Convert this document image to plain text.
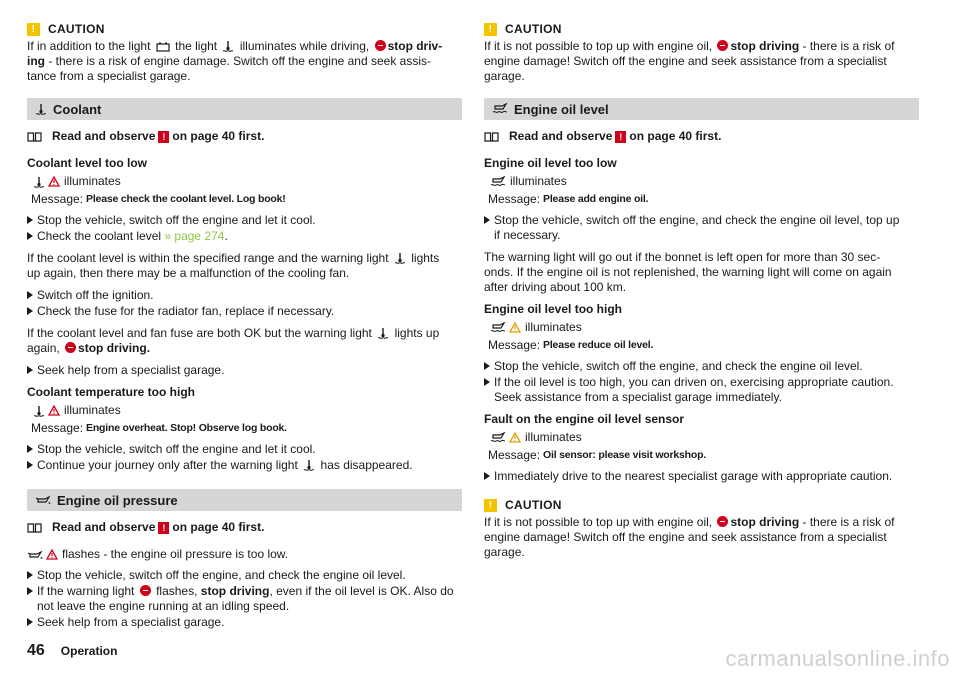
!	CAUTION

If in addition to the light the light illuminates while driving, stop driv-
ing - there is a risk of engine damage. Switch off the engine and seek assis-
tance from a specialist garage.

Coolant
Read and observe ! on page 40 first.
Coolant level too low
illuminates
Message: Please check the coolant level. Log book!
Stop the vehicle, switch off the engine and let it cool.
Check the coolant level » page 274.

If the coolant level is within the specified range and the warning light lights
up again, then there may be a malfunction of the cooling fan.

Switch off the ignition.
Check the fuse for the radiator fan, replace if necessary.

If the coolant level and fan fuse are both OK but the warning light lights up
again, stop driving.

Seek help from a specialist garage.
Coolant temperature too high
illuminates
Message: Engine overheat. Stop! Observe log book.
Stop the vehicle, switch off the engine and let it cool.
Continue your journey only after the warning light has disappeared.
Engine oil pressure
Read and observe ! on page 40 first.
flashes - the engine oil pressure is too low.
Stop the vehicle, switch off the engine, and check the engine oil level.
If the warning light flashes, stop driving, even if the oil level is OK. Also do
not leave the engine running at an idling speed.
Seek help from a specialist garage.
!	CAUTION

If it is not possible to top up with engine oil, stop driving - there is a risk of
engine damage! Switch off the engine and seek assistance from a specialist
garage.

Engine oil level
Read and observe ! on page 40 first.
Engine oil level too low
illuminates
Message: Please add engine oil.
Stop the vehicle, switch off the engine, and check the engine oil level, top up
if necessary.

The warning light will go out if the bonnet is left open for more than 30 sec-
onds. If the engine oil is not replenished, the warning light will come on again
after driving about 100 km.

Engine oil level too high
illuminates
Message: Please reduce oil level.
Stop the vehicle, switch off the engine, and check the engine oil level.
If the oil level is too high, you can driven on, exercising appropriate caution.
Seek assistance from a specialist garage immediately.
Fault on the engine oil level sensor
illuminates
Message: Oil sensor: please visit workshop.
Immediately drive to the nearest specialist garage with appropriate caution.
!	CAUTION

If it is not possible to top up with engine oil, stop driving - there is a risk of
engine damage! Switch off the engine and seek assistance from a specialist
garage.

46 Operation	carmanualsonline.info
